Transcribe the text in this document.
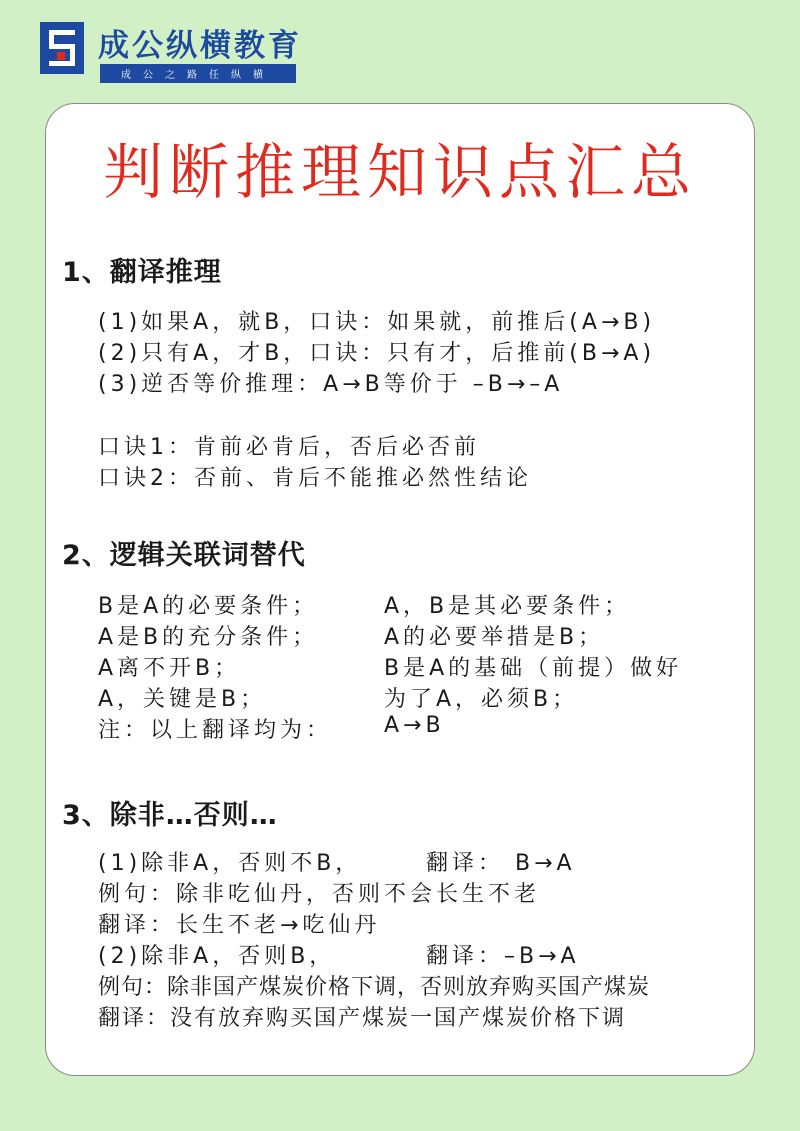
成公纵横教育
成公之路任纵横
判断推理知识点汇总
1、翻译推理
(1)如果A，就B，口诀：如果就，前推后(A→B)
(2)只有A，才B，口诀：只有才，后推前(B→A)
(3)逆否等价推理：A→B等价于 –B→–A
口诀1：肯前必肯后，否后必否前
口诀2：否前、肯后不能推必然性结论
2、逻辑关联词替代
B是A的必要条件；
A是B的充分条件；
A离不开B；
A，关键是B；
注：以上翻译均为：
A，B是其必要条件；
A的必要举措是B；
B是A的基础（前提）做好
为了A，必须B；
A→B
3、除非…否则…
(1)除非A，否则不B，	翻译： B→A
例句：除非吃仙丹，否则不会长生不老
翻译：长生不老→吃仙丹
(2)除非A，否则B，	翻译：–B→A
例句：除非国产煤炭价格下调，否则放弃购买国产煤炭
翻译：没有放弃购买国产煤炭一国产煤炭价格下调
